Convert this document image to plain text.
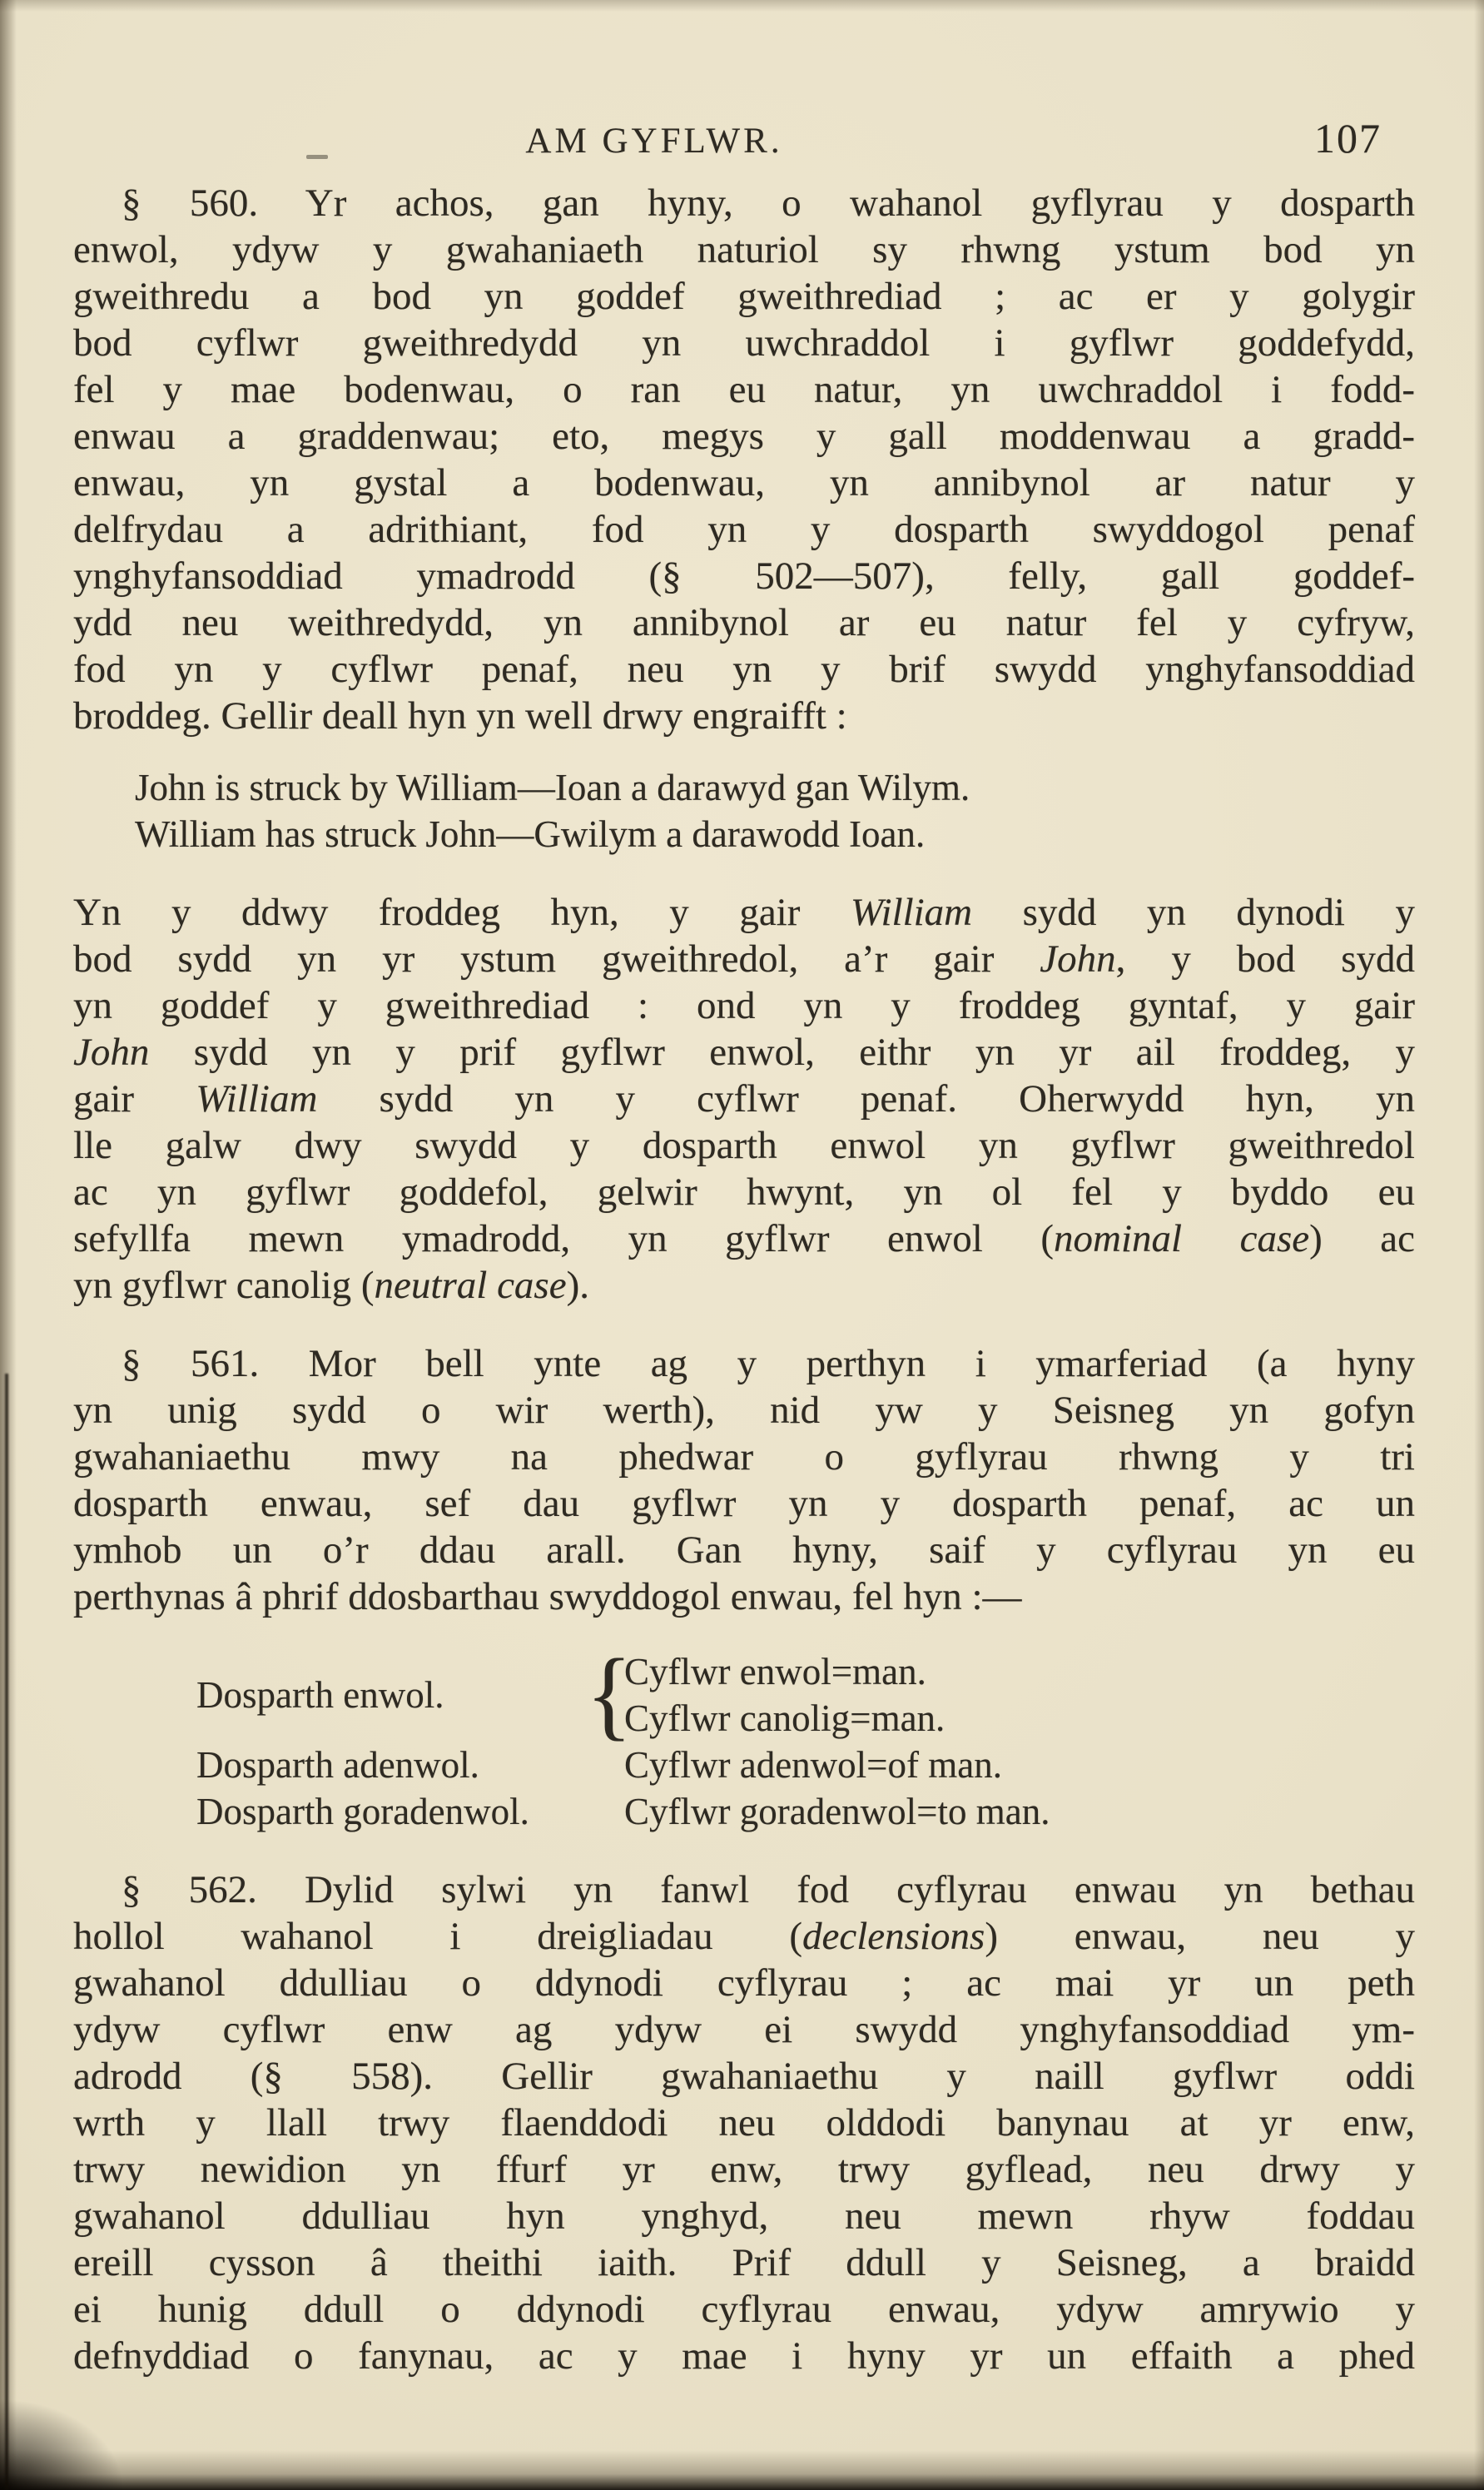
AM GYFLWR.	107
§ 560. Yr achos, gan hyny, o wahanol gyflyrau y dosparth
enwol, ydyw y gwahaniaeth naturiol sy rhwng ystum bod yn
gweithredu a bod yn goddef gweithrediad ; ac er y golygir
bod cyflwr gweithredydd yn uwchraddol i gyflwr goddefydd,
fel y mae bodenwau, o ran eu natur, yn uwchraddol i fodd-
enwau a graddenwau; eto, megys y gall moddenwau a gradd-
enwau, yn gystal a bodenwau, yn annibynol ar natur y
delfrydau a adrithiant, fod yn y dosparth swyddogol penaf
ynghyfansoddiad ymadrodd (§ 502—507), felly, gall goddef-
ydd neu weithredydd, yn annibynol ar eu natur fel y cyfryw,
fod yn y cyflwr penaf, neu yn y brif swydd ynghyfansoddiad
broddeg. Gellir deall hyn yn well drwy engraifft :
John is struck by William—Ioan a darawyd gan Wilym.
William has struck John—Gwilym a darawodd Ioan.
Yn y ddwy froddeg hyn, y gair William sydd yn dynodi y
bod sydd yn yr ystum gweithredol, a’r gair John, y bod sydd
yn goddef y gweithrediad : ond yn y froddeg gyntaf, y gair
John sydd yn y prif gyflwr enwol, eithr yn yr ail froddeg, y
gair William sydd yn y cyflwr penaf. Oherwydd hyn, yn
lle galw dwy swydd y dosparth enwol yn gyflwr gweithredol
ac yn gyflwr goddefol, gelwir hwynt, yn ol fel y byddo eu
sefyllfa mewn ymadrodd, yn gyflwr enwol (nominal case) ac
yn gyflwr canolig (neutral case).
§ 561. Mor bell ynte ag y perthyn i ymarferiad (a hyny
yn unig sydd o wir werth), nid yw y Seisneg yn gofyn
gwahaniaethu mwy na phedwar o gyflyrau rhwng y tri
dosparth enwau, sef dau gyflwr yn y dosparth penaf, ac un
ymhob un o’r ddau arall. Gan hyny, saif y cyflyrau yn eu
perthynas â phrif ddosbarthau swyddogol enwau, fel hyn :—
Dosparth enwol.	{
Cyflwr enwol=man.
Cyflwr canolig=man.
Dosparth adenwol.	Cyflwr adenwol=of man.
Dosparth goradenwol.	Cyflwr goradenwol=to man.
§ 562. Dylid sylwi yn fanwl fod cyflyrau enwau yn bethau
hollol wahanol i dreigliadau (declensions) enwau, neu y
gwahanol ddulliau o ddynodi cyflyrau ; ac mai yr un peth
ydyw cyflwr enw ag ydyw ei swydd ynghyfansoddiad ym-
adrodd (§ 558). Gellir gwahaniaethu y naill gyflwr oddi
wrth y llall trwy flaenddodi neu olddodi banynau at yr enw,
trwy newidion yn ffurf yr enw, trwy gyflead, neu drwy y
gwahanol ddulliau hyn ynghyd, neu mewn rhyw foddau
ereill cysson â theithi iaith. Prif ddull y Seisneg, a braidd
ei hunig ddull o ddynodi cyflyrau enwau, ydyw amrywio y
defnyddiad o fanynau, ac y mae i hyny yr un effaith a phed
